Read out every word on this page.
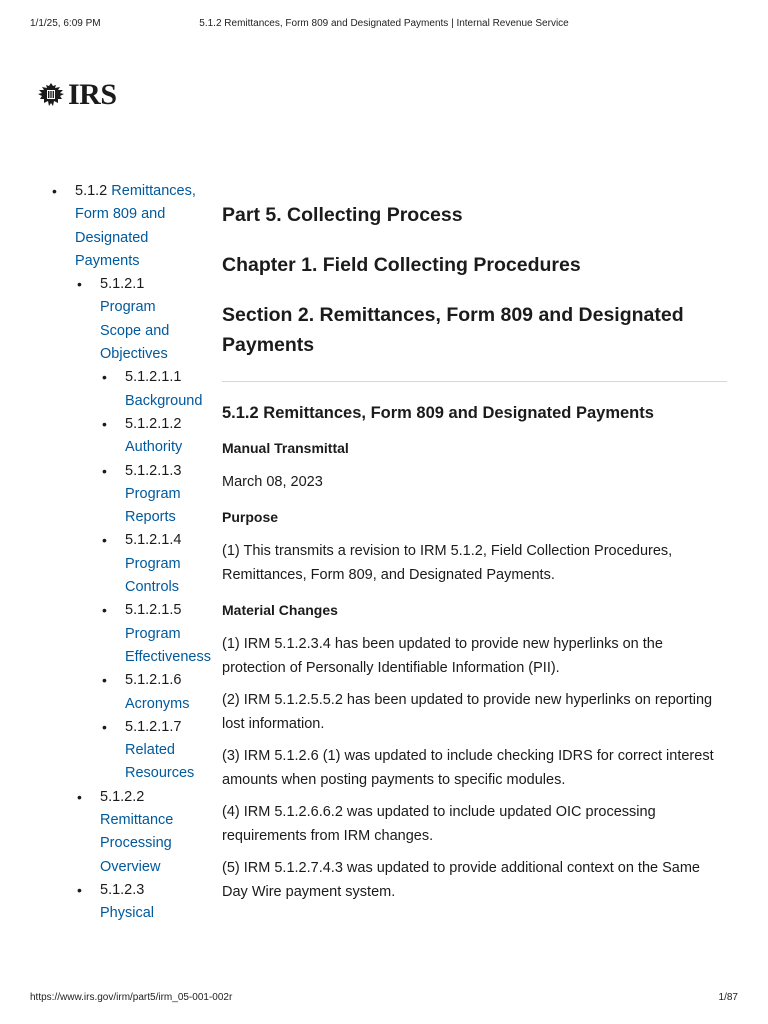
1/1/25, 6:09 PM	5.1.2 Remittances, Form 809 and Designated Payments | Internal Revenue Service
IRS
• 5.1.2 Remittances, Form 809 and Designated Payments
• 5.1.2.1
Program Scope and Objectives
• 5.1.2.1.1
Background
• 5.1.2.1.2
Authority
• 5.1.2.1.3
Program Reports
• 5.1.2.1.4
Program Controls
• 5.1.2.1.5
Program Effectiveness
• 5.1.2.1.6
Acronyms
• 5.1.2.1.7
Related Resources
• 5.1.2.2
Remittance Processing Overview
• 5.1.2.3
Physical
Part 5. Collecting Process
Chapter 1. Field Collecting Procedures
Section 2. Remittances, Form 809 and Designated Payments
5.1.2 Remittances, Form 809 and Designated Payments
Manual Transmittal
March 08, 2023
Purpose
(1) This transmits a revision to IRM 5.1.2, Field Collection Procedures, Remittances, Form 809, and Designated Payments.
Material Changes
(1) IRM 5.1.2.3.4 has been updated to provide new hyperlinks on the protection of Personally Identifiable Information (PII).
(2) IRM 5.1.2.5.5.2 has been updated to provide new hyperlinks on reporting lost information.
(3) IRM 5.1.2.6 (1) was updated to include checking IDRS for correct interest amounts when posting payments to specific modules.
(4) IRM 5.1.2.6.6.2 was updated to include updated OIC processing requirements from IRM changes.
(5) IRM 5.1.2.7.4.3 was updated to provide additional context on the Same Day Wire payment system.
https://www.irs.gov/irm/part5/irm_05-001-002r	1/87
